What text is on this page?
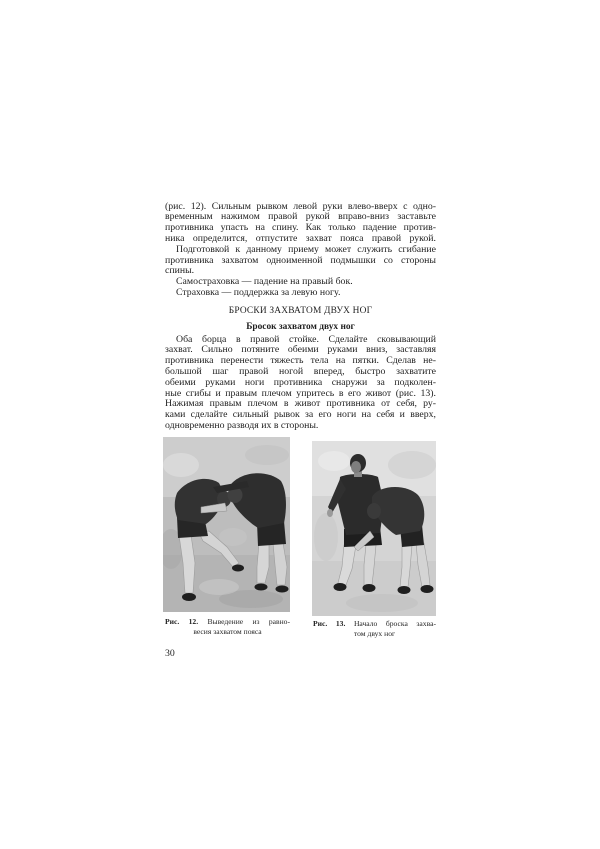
(рис. 12). Сильным рывком левой руки влево-вверх с одно-
временным нажимом правой рукой вправо-вниз заставьте
противника упасть на спину. Как только падение против-
ника определится, отпустите захват пояса правой рукой.
Подготовкой к данному приему может служить сгибание
противника захватом одноименной подмышки со стороны
спины.
Самостраховка — падение на правый бок.
Страховка — поддержка за левую ногу.
БРОСКИ ЗАХВАТОМ ДВУХ НОГ
Бросок захватом двух ног
Оба борца в правой стойке. Сделайте сковывающий
захват. Сильно потяните обеими руками вниз, заставляя
противника перенести тяжесть тела на пятки. Сделав не-
большой шаг правой ногой вперед, быстро захватите
обеими руками ноги противника снаружи за подколен-
ные сгибы и правым плечом упритесь в его живот (рис. 13).
Нажимая правым плечом в живот противника от себя, ру-
ками сделайте сильный рывок за его ноги на себя и вверх,
одновременно разводя их в стороны.
Рис. 12. Выведение из равно-
весия захватом пояса
Рис. 13. Начало броска захва-
том двух ног
30
